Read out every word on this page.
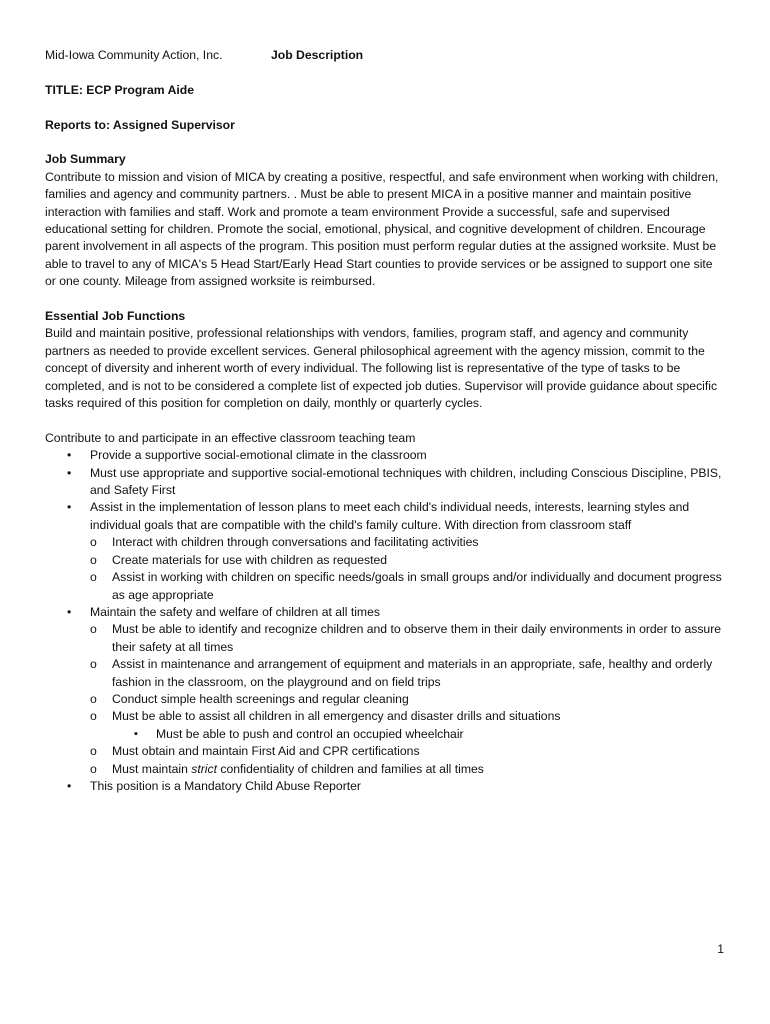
Mid-Iowa Community Action, Inc.	Job Description

TITLE: ECP Program Aide

Reports to: Assigned Supervisor

Job Summary

Contribute to mission and vision of MICA by creating a positive, respectful, and safe environment when working with children, families and agency and community partners. . Must be able to present MICA in a positive manner and maintain positive interaction with families and staff. Work and promote a team environment Provide a successful, safe and supervised educational setting for children. Promote the social, emotional, physical, and cognitive development of children. Encourage parent involvement in all aspects of the program. This position must perform regular duties at the assigned worksite. Must be able to travel to any of MICA's 5 Head Start/Early Head Start counties to provide services or be assigned to support one site or one county. Mileage from assigned worksite is reimbursed.

Essential Job Functions

Build and maintain positive, professional relationships with vendors, families, program staff, and agency and community partners as needed to provide excellent services. General philosophical agreement with the agency mission, commit to the concept of diversity and inherent worth of every individual. The following list is representative of the type of tasks to be completed, and is not to be considered a complete list of expected job duties. Supervisor will provide guidance about specific tasks required of this position for completion on daily, monthly or quarterly cycles.

Contribute to and participate in an effective classroom teaching team

• Provide a supportive social-emotional climate in the classroom
• Must use appropriate and supportive social-emotional techniques with children, including Conscious Discipline, PBIS, and Safety First
• Assist in the implementation of lesson plans to meet each child's individual needs, interests, learning styles and individual goals that are compatible with the child's family culture. With direction from classroom staff
o Interact with children through conversations and facilitating activities
o Create materials for use with children as requested
o Assist in working with children on specific needs/goals in small groups and/or individually and document progress as age appropriate
• Maintain the safety and welfare of children at all times
o Must be able to identify and recognize children and to observe them in their daily environments in order to assure their safety at all times
o Assist in maintenance and arrangement of equipment and materials in an appropriate, safe, healthy and orderly fashion in the classroom, on the playground and on field trips
o Conduct simple health screenings and regular cleaning
o Must be able to assist all children in all emergency and disaster drills and situations
▪ Must be able to push and control an occupied wheelchair
o Must obtain and maintain First Aid and CPR certifications
o Must maintain strict confidentiality of children and families at all times
• This position is a Mandatory Child Abuse Reporter
1
